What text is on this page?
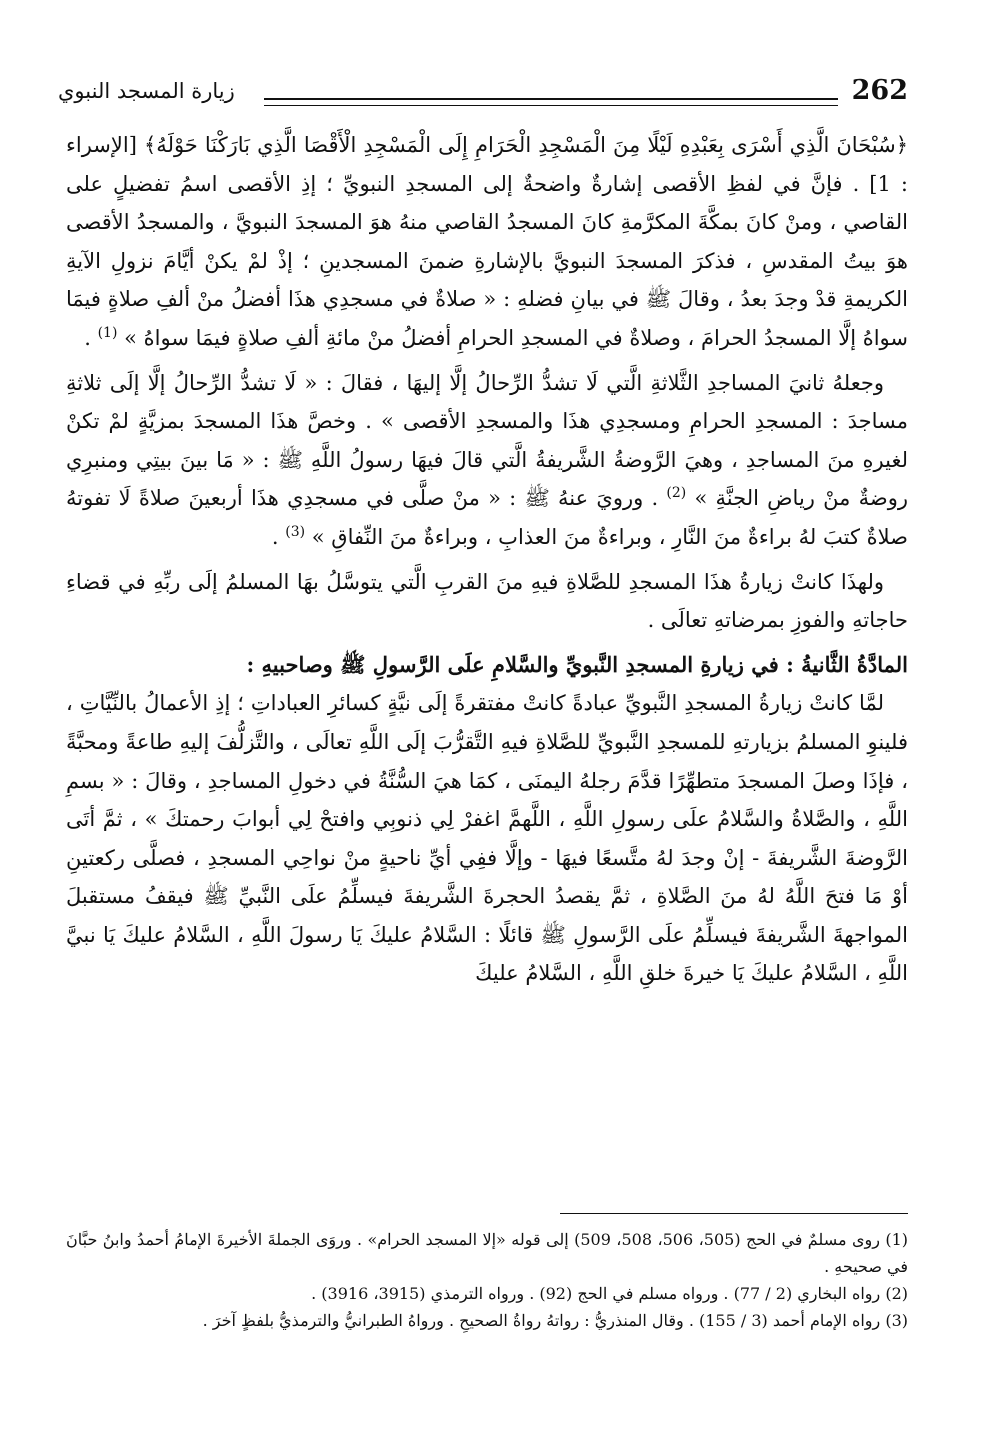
262
زيارة المسجد النبوي

﴿سُبْحَانَ الَّذِي أَسْرَى بِعَبْدِهِ لَيْلًا مِنَ الْمَسْجِدِ الْحَرَامِ إِلَى الْمَسْجِدِ الْأَقْصَا الَّذِي بَارَكْنَا حَوْلَهُ﴾ [الإسراء : 1] . فإنَّ في لفظِ الأقصى إشارةٌ واضحةٌ إلى المسجدِ النبويِّ ؛ إذِ الأقصى اسمُ تفضيلٍ على القاصي ، ومنْ كانَ بمكَّةَ المكرَّمةِ كانَ المسجدُ القاصي منهُ هوَ المسجدَ النبويَّ ، والمسجدُ الأقصى هوَ بيتُ المقدسِ ، فذكرَ المسجدَ النبويَّ بالإشارةِ ضمنَ المسجدينِ ؛ إذْ لمْ يكنْ أيَّامَ نزولِ الآيةِ الكريمةِ قدْ وجدَ بعدُ ، وقالَ ﷺ في بيانِ فضلهِ : « صلاةٌ في مسجدِي هذَا أفضلُ منْ ألفِ صلاةٍ فيمَا سواهُ إلَّا المسجدُ الحرامَ ، وصلاةٌ في المسجدِ الحرامِ أفضلُ منْ مائةِ ألفِ صلاةٍ فيمَا سواهُ » $^{(1)}$ .

وجعلهُ ثانيَ المساجدِ الثَّلاثةِ الَّتي لَا تشدُّ الرِّحالُ إلَّا إليهَا ، فقالَ : « لَا تشدُّ الرِّحالُ إلَّا إلَى ثلاثةِ مساجدَ : المسجدِ الحرامِ ومسجدِي هذَا والمسجدِ الأقصى » . وخصَّ هذَا المسجدَ بمزيَّةٍ لمْ تكنْ لغيرهِ منَ المساجدِ ، وهيَ الرَّوضةُ الشَّريفةُ الَّتي قالَ فيهَا رسولُ اللَّهِ ﷺ : « مَا بينَ بيتِي ومنبرِي روضةٌ منْ رياضِ الجنَّةِ » $^{(2)}$ . ورويَ عنهُ ﷺ : « منْ صلَّى في مسجدِي هذَا أربعينَ صلاةً لَا تفوتهُ صلاةٌ كتبَ لهُ براءةٌ منَ النَّارِ ، وبراءةٌ منَ العذابِ ، وبراءةٌ منَ النِّفاقِ » $^{(3)}$ .

ولهذَا كانتْ زيارةُ هذَا المسجدِ للصَّلاةِ فيهِ منَ القربِ الَّتي يتوسَّلُ بهَا المسلمُ إلَى ربِّهِ في قضاءِ حاجاتهِ والفوزِ بمرضاتهِ تعالَى .

المادَّةُ الثَّانيةُ : في زيارةِ المسجدِ النَّبويِّ والسَّلامِ علَى الرَّسولِ ﷺ وصاحبيهِ :

لمَّا كانتْ زيارةُ المسجدِ النَّبويِّ عبادةً كانتْ مفتقرةً إلَى نيَّةٍ كسائرِ العباداتِ ؛ إذِ الأعمالُ بالنِّيَّاتِ ، فلينوِ المسلمُ بزيارتهِ للمسجدِ النَّبويِّ للصَّلاةِ فيهِ التَّقرُّبَ إلَى اللَّهِ تعالَى ، والتَّزلُّفَ إليهِ طاعةً ومحبَّةً ، فإذَا وصلَ المسجدَ متطهِّرًا قدَّمَ رجلهُ اليمنَى ، كمَا هيَ السُّنَّةُ في دخولِ المساجدِ ، وقالَ : « بسمِ اللَّهِ ، والصَّلاةُ والسَّلامُ علَى رسولِ اللَّهِ ، اللَّهمَّ اغفرْ لِي ذنوبِي وافتحْ لِي أبوابَ رحمتكَ » ، ثمَّ أتَى الرَّوضةَ الشَّريفةَ - إنْ وجدَ لهُ متَّسعًا فيهَا - وإلَّا ففِي أيِّ ناحيةٍ منْ نواحِي المسجدِ ، فصلَّى ركعتينِ أوْ مَا فتحَ اللَّهُ لهُ منَ الصَّلاةِ ، ثمَّ يقصدُ الحجرةَ الشَّريفةَ فيسلِّمُ علَى النَّبيِّ ﷺ فيقفُ مستقبلَ المواجهةَ الشَّريفةَ فيسلِّمُ علَى الرَّسولِ ﷺ قائلًا : السَّلامُ عليكَ يَا رسولَ اللَّهِ ، السَّلامُ عليكَ يَا نبيَّ اللَّهِ ، السَّلامُ عليكَ يَا خيرةَ خلقِ اللَّهِ ، السَّلامُ عليكَ

(1) روى مسلمٌ في الحج (505، 506، 508، 509) إلى قوله «إلا المسجد الحرام» . وروَى الجملةَ الأخيرةَ الإمامُ أحمدُ وابنُ حبَّانَ في صحيحهِ .

(2) رواه البخاري (2 / 77) . ورواه مسلم في الحج (92) . ورواه الترمذي (3915، 3916) .

(3) رواه الإمام أحمد (3 / 155) . وقال المنذريُّ : رواتهُ رواةُ الصحيحِ . ورواهُ الطبرانيُّ والترمذيُّ بلفظٍ آخرَ .
